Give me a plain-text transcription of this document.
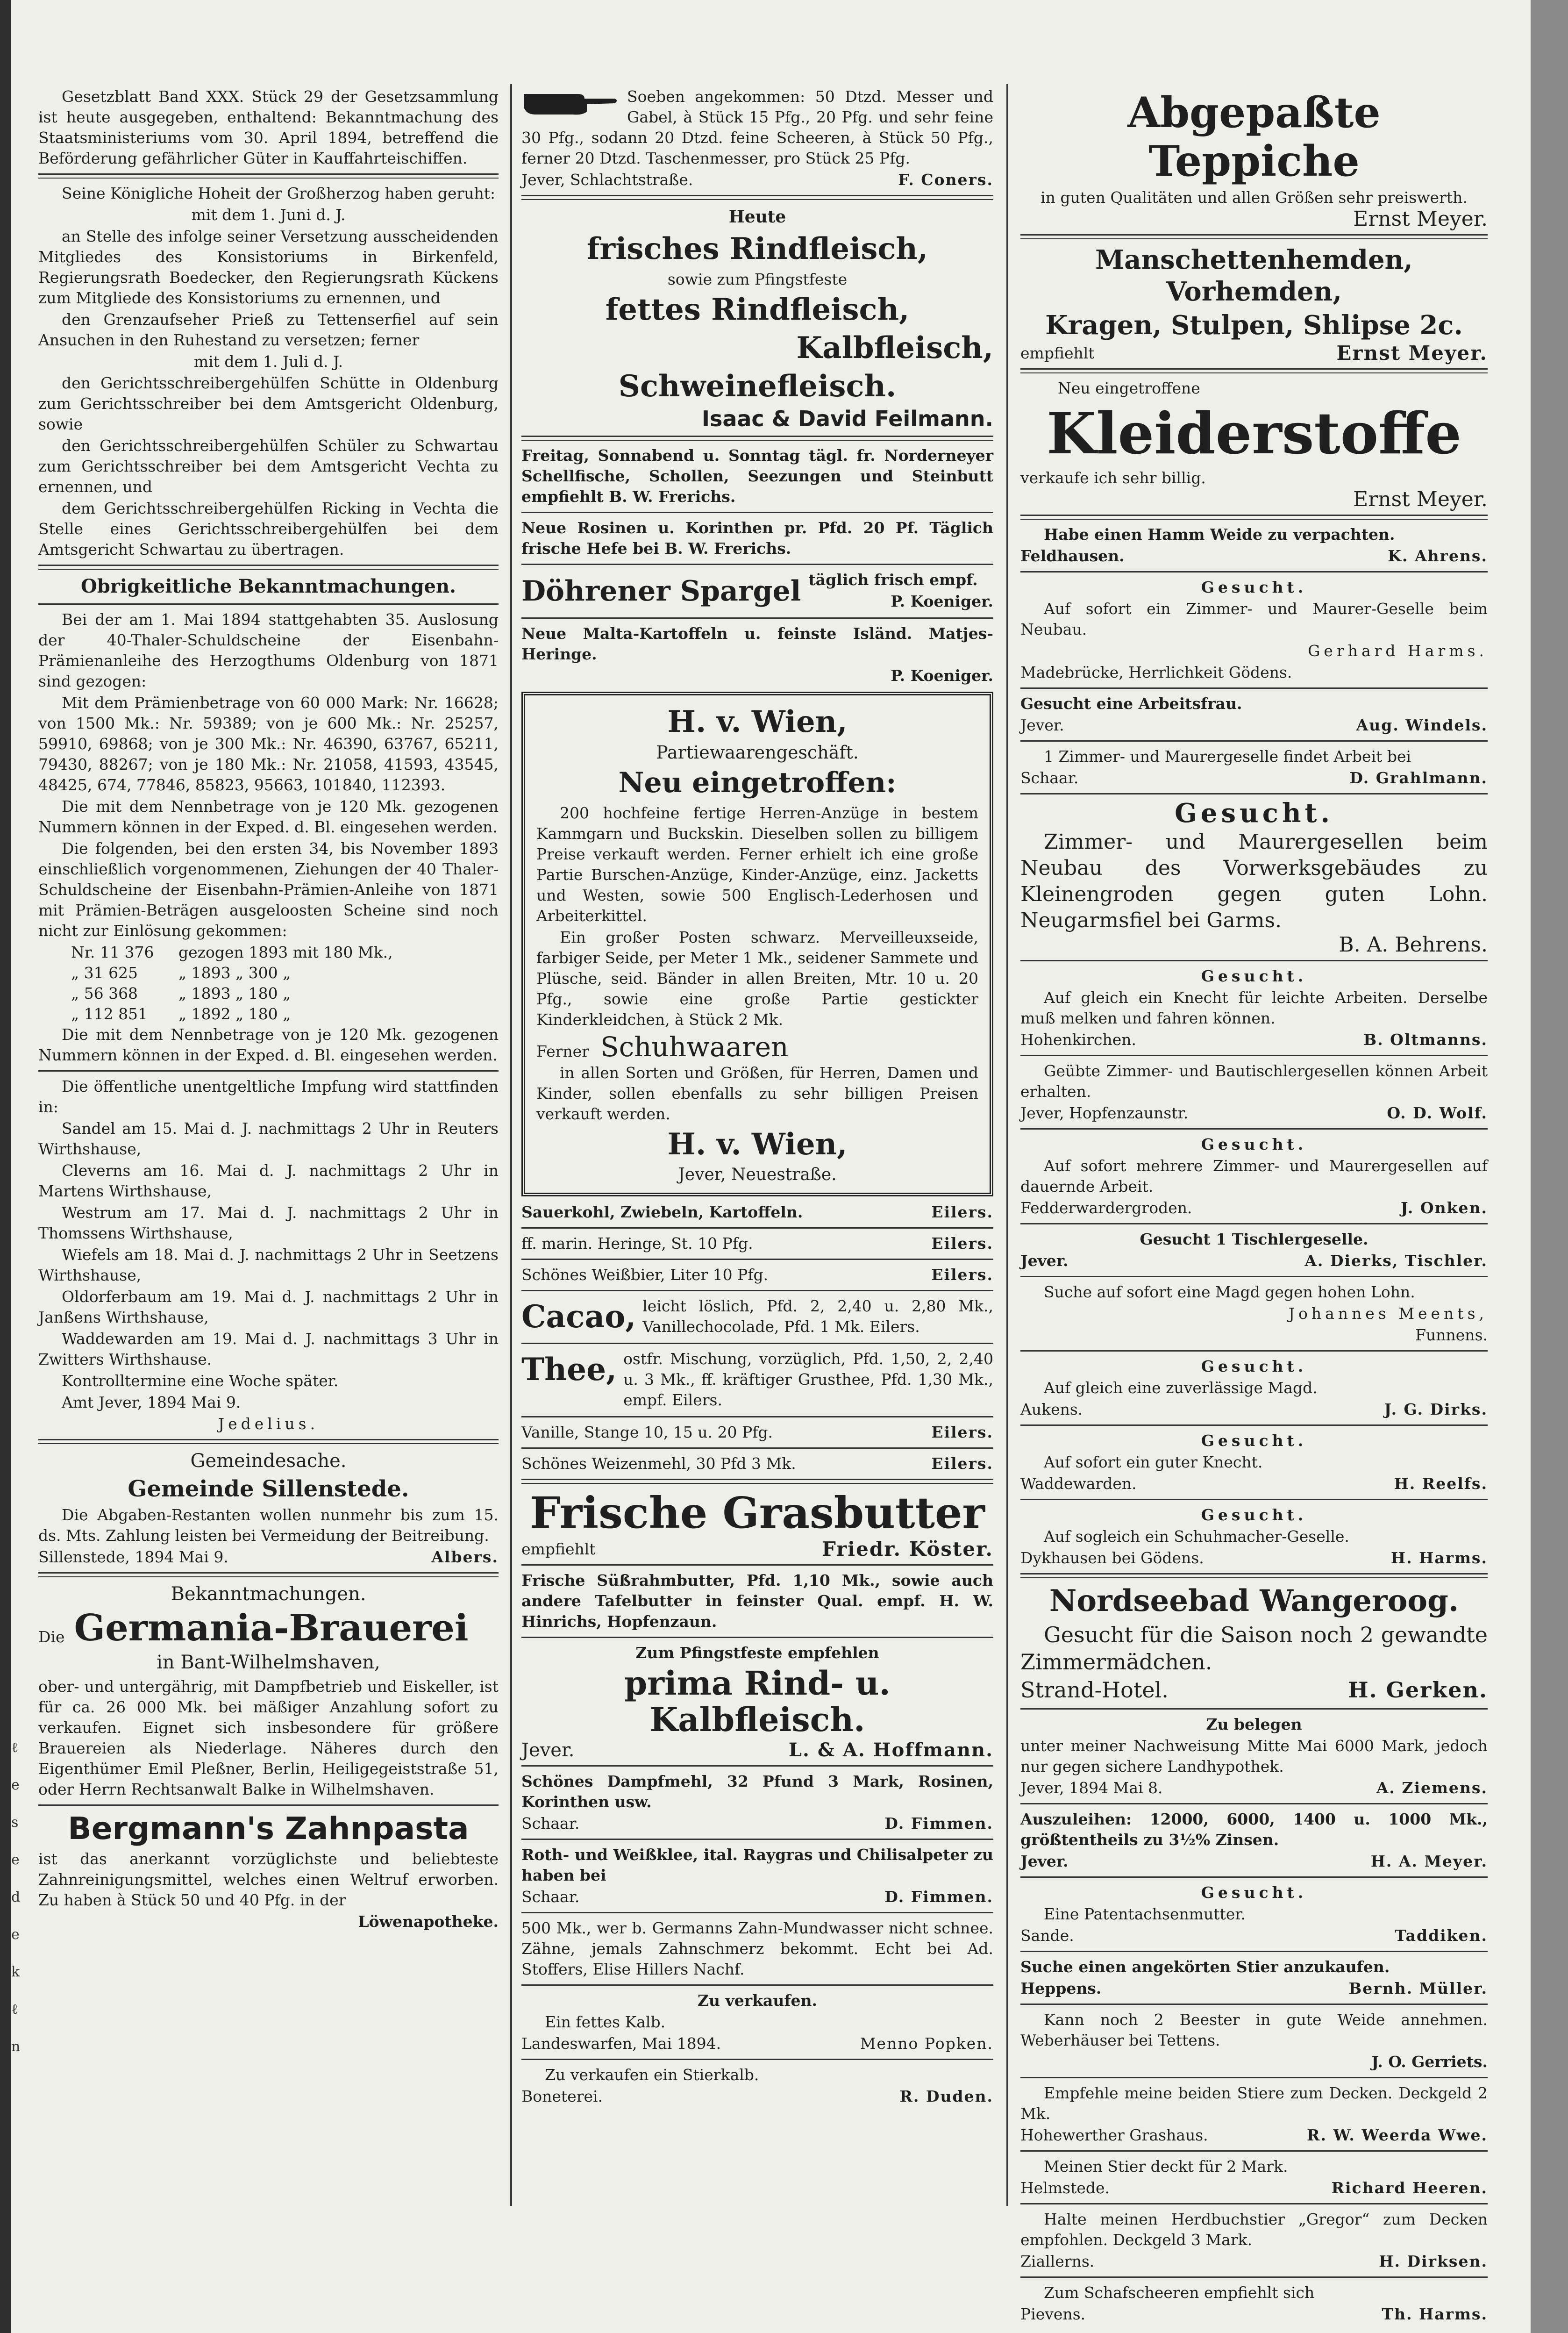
ℓ
e
s
e
d
e
k
ℓ
n

Gesetzblatt Band XXX. Stück 29 der Gesetzsammlung ist heute ausgegeben, enthaltend: Bekanntmachung des Staatsministeriums vom 30. April 1894, betreffend die Beförderung gefährlicher Güter in Kauffahrteischiffen.

Seine Königliche Hoheit der Großherzog haben geruht:

mit dem 1. Juni d. J.

an Stelle des infolge seiner Versetzung ausscheidenden Mitgliedes des Konsistoriums in Birkenfeld, Regierungsrath Boedecker, den Regierungsrath Kückens zum Mitgliede des Konsistoriums zu ernennen, und

den Grenzaufseher Prieß zu Tettenserfiel auf sein Ansuchen in den Ruhestand zu versetzen; ferner

mit dem 1. Juli d. J.

den Gerichtsschreibergehülfen Schütte in Oldenburg zum Gerichtsschreiber bei dem Amtsgericht Oldenburg, sowie

den Gerichtsschreibergehülfen Schüler zu Schwartau zum Gerichtsschreiber bei dem Amtsgericht Vechta zu ernennen, und

dem Gerichtsschreibergehülfen Ricking in Vechta die Stelle eines Gerichtsschreibergehülfen bei dem Amtsgericht Schwartau zu übertragen.

Obrigkeitliche Bekanntmachungen.

Bei der am 1. Mai 1894 stattgehabten 35. Auslosung der 40-Thaler-Schuldscheine der Eisenbahn-Prämienanleihe des Herzogthums Oldenburg von 1871 sind gezogen:

Mit dem Prämienbetrage von 60 000 Mark: Nr. 16628; von 1500 Mk.: Nr. 59389; von je 600 Mk.: Nr. 25257, 59910, 69868; von je 300 Mk.: Nr. 46390, 63767, 65211, 79430, 88267; von je 180 Mk.: Nr. 21058, 41593, 43545, 48425, 674, 77846, 85823, 95663, 101840, 112393.

Die mit dem Nennbetrage von je 120 Mk. gezogenen Nummern können in der Exped. d. Bl. eingesehen werden.

Die folgenden, bei den ersten 34, bis November 1893 einschließlich vorgenommenen, Ziehungen der 40 Thaler-Schuldscheine der Eisenbahn-Prämien-Anleihe von 1871 mit Prämien-Beträgen ausgeloosten Scheine sind noch nicht zur Einlösung gekommen:

Nr. 11 376	gezogen 1893 mit 180 Mk.,
„ 31 625	„ 1893 „ 300 „
„ 56 368	„ 1893 „ 180 „
„ 112 851	„ 1892 „ 180 „

Die mit dem Nennbetrage von je 120 Mk. gezogenen Nummern können in der Exped. d. Bl. eingesehen werden.

Die öffentliche unentgeltliche Impfung wird stattfinden in:

Sandel am 15. Mai d. J. nachmittags 2 Uhr in Reuters Wirthshause,

Cleverns am 16. Mai d. J. nachmittags 2 Uhr in Martens Wirthshause,

Westrum am 17. Mai d. J. nachmittags 2 Uhr in Thomssens Wirthshause,

Wiefels am 18. Mai d. J. nachmittags 2 Uhr in Seetzens Wirthshause,

Oldorferbaum am 19. Mai d. J. nachmittags 2 Uhr in Janßens Wirthshause,

Waddewarden am 19. Mai d. J. nachmittags 3 Uhr in Zwitters Wirthshause.

Kontrolltermine eine Woche später.

Amt Jever, 1894 Mai 9.

Jedelius.

Gemeindesache.
Gemeinde Sillenstede.

Die Abgaben-Restanten wollen nunmehr bis zum 15. ds. Mts. Zahlung leisten bei Vermeidung der Beitreibung.

Sillenstede, 1894 Mai 9.	Albers.
Bekanntmachungen.
Die Germania-Brauerei
in Bant-Wilhelmshaven,

ober- und untergährig, mit Dampfbetrieb und Eiskeller, ist für ca. 26 000 Mk. bei mäßiger Anzahlung sofort zu verkaufen. Eignet sich insbesondere für größere Brauereien als Niederlage. Näheres durch den Eigenthümer Emil Pleßner, Berlin, Heiligegeiststraße 51, oder Herrn Rechtsanwalt Balke in Wilhelmshaven.

Bergmann's Zahnpasta

ist das anerkannt vorzüglichste und beliebteste Zahnreinigungsmittel, welches einen Weltruf erworben. Zu haben à Stück 50 und 40 Pfg. in der

Löwenapotheke.

Soeben angekommen: 50 Dtzd. Messer und Gabel, à Stück 15 Pfg., 20 Pfg. und sehr feine 30 Pfg., sodann 20 Dtzd. feine Scheeren, à Stück 50 Pfg., ferner 20 Dtzd. Taschenmesser, pro Stück 25 Pfg.

Jever, Schlachtstraße.	F. Coners.
Heute
frisches Rindfleisch,

sowie zum Pfingstfeste

fettes Rindfleisch,
Kalbfleisch,
Schweinefleisch.
Isaac & David Feilmann.

Freitag, Sonnabend u. Sonntag tägl. fr. Norderneyer Schellfische, Schollen, Seezungen und Steinbutt empfiehlt B. W. Frerichs.

Neue Rosinen u. Korinthen pr. Pfd. 20 Pf. Täglich frische Hefe bei B. W. Frerichs.

Döhrener Spargel täglich frisch empf.
P. Koeniger.

Neue Malta-Kartoffeln u. feinste Isländ. Matjes-Heringe.

P. Koeniger.

H. v. Wien,

Partiewaarengeschäft.

Neu eingetroffen:

200 hochfeine fertige Herren-Anzüge in bestem Kammgarn und Buckskin. Dieselben sollen zu billigem Preise verkauft werden. Ferner erhielt ich eine große Partie Burschen-Anzüge, Kinder-Anzüge, einz. Jacketts und Westen, sowie 500 Englisch-Lederhosen und Arbeiterkittel.

Ein großer Posten schwarz. Merveilleuxseide, farbiger Seide, per Meter 1 Mk., seidener Sammete und Plüsche, seid. Bänder in allen Breiten, Mtr. 10 u. 20 Pfg., sowie eine große Partie gestickter Kinderkleidchen, à Stück 2 Mk.

Ferner Schuhwaaren

in allen Sorten und Größen, für Herren, Damen und Kinder, sollen ebenfalls zu sehr billigen Preisen verkauft werden.

H. v. Wien,

Jever, Neuestraße.

Sauerkohl, Zwiebeln, Kartoffeln.	Eilers.
ff. marin. Heringe, St. 10 Pfg.	Eilers.
Schönes Weißbier, Liter 10 Pfg.	Eilers.
Cacao, leicht löslich, Pfd. 2, 2,40 u. 2,80 Mk., Vanillechocolade, Pfd. 1 Mk. Eilers.
Thee, ostfr. Mischung, vorzüglich, Pfd. 1,50, 2, 2,40 u. 3 Mk., ff. kräftiger Grusthee, Pfd. 1,30 Mk., empf. Eilers.
Vanille, Stange 10, 15 u. 20 Pfg.	Eilers.
Schönes Weizenmehl, 30 Pfd 3 Mk.	Eilers.
Frische Grasbutter
empfiehlt	Friedr. Köster.

Frische Süßrahmbutter, Pfd. 1,10 Mk., sowie auch andere Tafelbutter in feinster Qual. empf. H. W. Hinrichs, Hopfenzaun.

Zum Pfingstfeste empfehlen

prima Rind- u. Kalbfleisch.
Jever.	L. & A. Hoffmann.

Schönes Dampfmehl, 32 Pfund 3 Mark, Rosinen, Korinthen usw.

Schaar.	D. Fimmen.

Roth- und Weißklee, ital. Raygras und Chilisalpeter zu haben bei

Schaar.	D. Fimmen.

500 Mk., wer b. Germanns Zahn-Mundwasser nicht schnee. Zähne, jemals Zahnschmerz bekommt. Echt bei Ad. Stoffers, Elise Hillers Nachf.

Zu verkaufen.

Ein fettes Kalb.

Landeswarfen, Mai 1894.	Menno Popken.

Zu verkaufen ein Stierkalb.

Boneterei.	R. Duden.
Abgepaßte Teppiche

in guten Qualitäten und allen Größen sehr preiswerth.

Ernst Meyer.

Manschettenhemden, Vorhemden,
Kragen, Stulpen, Shlipse 2c.
empfiehlt	Ernst Meyer.

Neu eingetroffene

Kleiderstoffe

verkaufe ich sehr billig.

Ernst Meyer.

Habe einen Hamm Weide zu verpachten.

Feldhausen.	K. Ahrens.

Gesucht.

Auf sofort ein Zimmer- und Maurer-Geselle beim Neubau.

Gerhard Harms.

Madebrücke, Herrlichkeit Gödens.

Gesucht eine Arbeitsfrau.

Jever.	Aug. Windels.

1 Zimmer- und Maurergeselle findet Arbeit bei

Schaar.	D. Grahlmann.
Gesucht.

Zimmer- und Maurergesellen beim Neubau des Vorwerksgebäudes zu Kleinengroden gegen guten Lohn. Neugarmsfiel bei Garms.

B. A. Behrens.

Gesucht.

Auf gleich ein Knecht für leichte Arbeiten. Derselbe muß melken und fahren können.

Hohenkirchen.	B. Oltmanns.

Geübte Zimmer- und Bautischlergesellen können Arbeit erhalten.

Jever, Hopfenzaunstr.	O. D. Wolf.

Gesucht.

Auf sofort mehrere Zimmer- und Maurergesellen auf dauernde Arbeit.

Fedderwardergroden.	J. Onken.

Gesucht 1 Tischlergeselle.

Jever.	A. Dierks, Tischler.

Suche auf sofort eine Magd gegen hohen Lohn.

Johannes Meents,

Funnens.

Gesucht.

Auf gleich eine zuverlässige Magd.

Aukens.	J. G. Dirks.

Gesucht.

Auf sofort ein guter Knecht.

Waddewarden.	H. Reelfs.

Gesucht.

Auf sogleich ein Schuhmacher-Geselle.

Dykhausen bei Gödens.	H. Harms.
Nordseebad Wangeroog.

Gesucht für die Saison noch 2 gewandte Zimmermädchen.

Strand-Hotel.	H. Gerken.

Zu belegen

unter meiner Nachweisung Mitte Mai 6000 Mark, jedoch nur gegen sichere Landhypothek.

Jever, 1894 Mai 8.	A. Ziemens.

Auszuleihen: 12000, 6000, 1400 u. 1000 Mk., größtentheils zu 3½% Zinsen.

Jever.	H. A. Meyer.

Gesucht.

Eine Patentachsenmutter.

Sande.	Taddiken.

Suche einen angekörten Stier anzukaufen.

Heppens.	Bernh. Müller.

Kann noch 2 Beester in gute Weide annehmen. Weberhäuser bei Tettens.

J. O. Gerriets.

Empfehle meine beiden Stiere zum Decken. Deckgeld 2 Mk.

Hohewerther Grashaus.	R. W. Weerda Wwe.

Meinen Stier deckt für 2 Mark.

Helmstede.	Richard Heeren.

Halte meinen Herdbuchstier „Gregor“ zum Decken empfohlen. Deckgeld 3 Mark.

Ziallerns.	H. Dirksen.

Zum Schafscheeren empfiehlt sich

Pievens.	Th. Harms.
